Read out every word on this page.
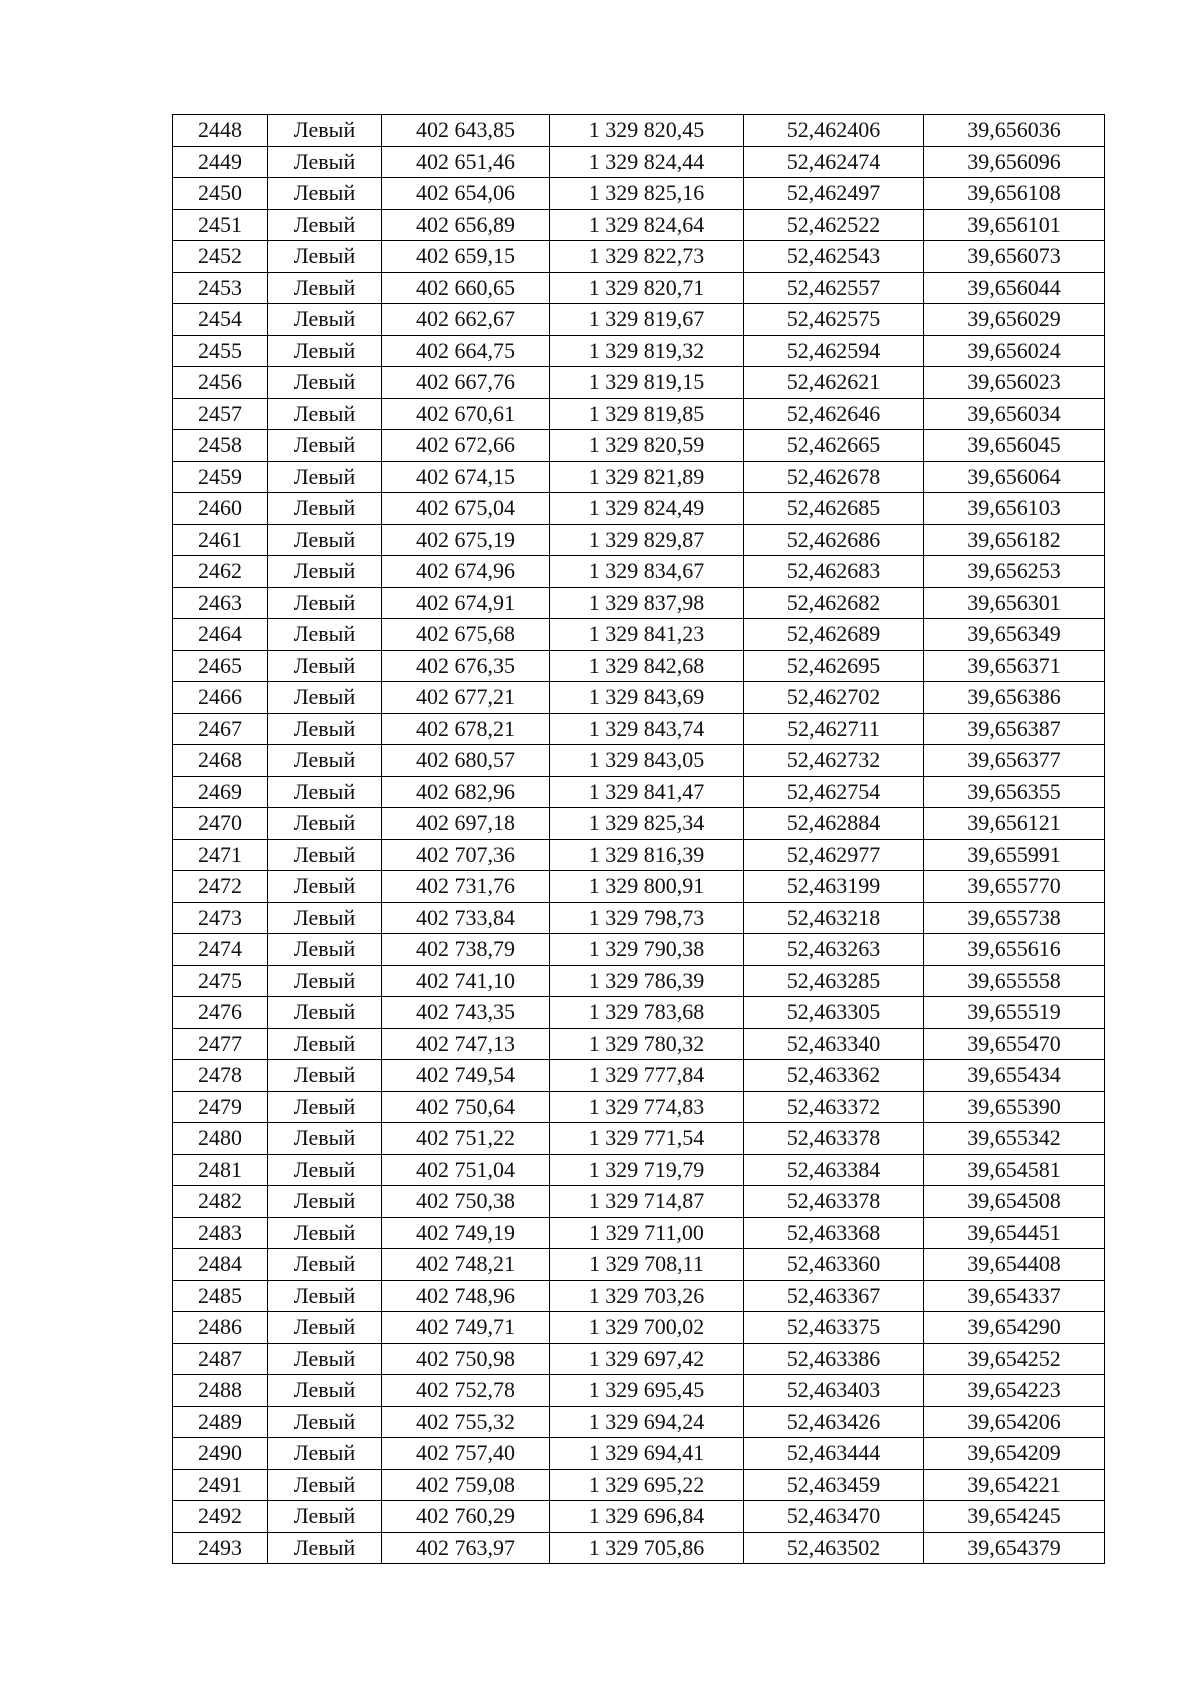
2448	Левый	402 643,85	1 329 820,45	52,462406	39,656036
2449	Левый	402 651,46	1 329 824,44	52,462474	39,656096
2450	Левый	402 654,06	1 329 825,16	52,462497	39,656108
2451	Левый	402 656,89	1 329 824,64	52,462522	39,656101
2452	Левый	402 659,15	1 329 822,73	52,462543	39,656073
2453	Левый	402 660,65	1 329 820,71	52,462557	39,656044
2454	Левый	402 662,67	1 329 819,67	52,462575	39,656029
2455	Левый	402 664,75	1 329 819,32	52,462594	39,656024
2456	Левый	402 667,76	1 329 819,15	52,462621	39,656023
2457	Левый	402 670,61	1 329 819,85	52,462646	39,656034
2458	Левый	402 672,66	1 329 820,59	52,462665	39,656045
2459	Левый	402 674,15	1 329 821,89	52,462678	39,656064
2460	Левый	402 675,04	1 329 824,49	52,462685	39,656103
2461	Левый	402 675,19	1 329 829,87	52,462686	39,656182
2462	Левый	402 674,96	1 329 834,67	52,462683	39,656253
2463	Левый	402 674,91	1 329 837,98	52,462682	39,656301
2464	Левый	402 675,68	1 329 841,23	52,462689	39,656349
2465	Левый	402 676,35	1 329 842,68	52,462695	39,656371
2466	Левый	402 677,21	1 329 843,69	52,462702	39,656386
2467	Левый	402 678,21	1 329 843,74	52,462711	39,656387
2468	Левый	402 680,57	1 329 843,05	52,462732	39,656377
2469	Левый	402 682,96	1 329 841,47	52,462754	39,656355
2470	Левый	402 697,18	1 329 825,34	52,462884	39,656121
2471	Левый	402 707,36	1 329 816,39	52,462977	39,655991
2472	Левый	402 731,76	1 329 800,91	52,463199	39,655770
2473	Левый	402 733,84	1 329 798,73	52,463218	39,655738
2474	Левый	402 738,79	1 329 790,38	52,463263	39,655616
2475	Левый	402 741,10	1 329 786,39	52,463285	39,655558
2476	Левый	402 743,35	1 329 783,68	52,463305	39,655519
2477	Левый	402 747,13	1 329 780,32	52,463340	39,655470
2478	Левый	402 749,54	1 329 777,84	52,463362	39,655434
2479	Левый	402 750,64	1 329 774,83	52,463372	39,655390
2480	Левый	402 751,22	1 329 771,54	52,463378	39,655342
2481	Левый	402 751,04	1 329 719,79	52,463384	39,654581
2482	Левый	402 750,38	1 329 714,87	52,463378	39,654508
2483	Левый	402 749,19	1 329 711,00	52,463368	39,654451
2484	Левый	402 748,21	1 329 708,11	52,463360	39,654408
2485	Левый	402 748,96	1 329 703,26	52,463367	39,654337
2486	Левый	402 749,71	1 329 700,02	52,463375	39,654290
2487	Левый	402 750,98	1 329 697,42	52,463386	39,654252
2488	Левый	402 752,78	1 329 695,45	52,463403	39,654223
2489	Левый	402 755,32	1 329 694,24	52,463426	39,654206
2490	Левый	402 757,40	1 329 694,41	52,463444	39,654209
2491	Левый	402 759,08	1 329 695,22	52,463459	39,654221
2492	Левый	402 760,29	1 329 696,84	52,463470	39,654245
2493	Левый	402 763,97	1 329 705,86	52,463502	39,654379
